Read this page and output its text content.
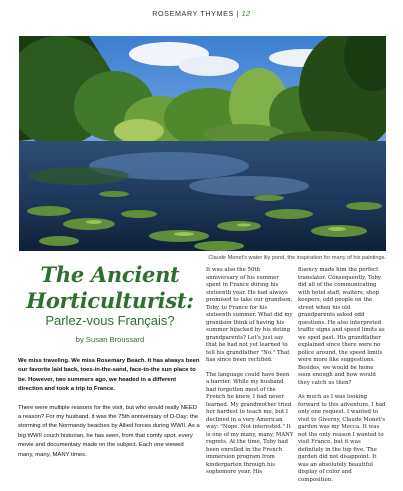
ROSEMARY THYMES | 12
Claude Monet's water lily pond, the inspiration for many of his paintings.
The Ancient
Horticulturist:
Parlez-vous Français?
by Susan Broussard

We miss traveling. We miss Rosemary Beach. It has always been our favorite laid back, toes-in-the-sand, face-to-the sun place to be. However, two summers ago, we headed in a different direction and took a trip to France.

There were multiple reasons for the visit, but who would really NEED a reason? For my husband, it was the 75th anniversary of D-Day; the storming of the Normandy beaches by Allied forces during WWII. As a big WWII couch historian, he has seen, from that comfy spot, every movie and documentary made on the subject. Each one viewed many, many, MANY times.

It was also the 50th anniversary of his summer spent in France during his sixteenth year. He had always promised to take our grandson, Toby, to France for his sixteenth summer. What did my grandson think of having his summer hijacked by his doting grandparents? Let's just say that he had not yet learned to tell his grandfather "No." That has since been rectified.

The language could have been a barrier. While my husband had forgotten most of the French he knew, I had never learned. My grandmother tried her hardest to teach me, but I declined in a very American way: "Nope. Not interested." It is one of my many, many, MANY regrets. At the time, Toby had been enrolled in the French immersion program from kindergarten through his sophomore year. His

fluency made him the perfect translator. Consequently, Toby did all of the communicating with hotel staff, waiters, shop keepers, odd people on the street when his old grandparents asked odd questions. He also interpreted traffic signs and speed limits as we sped past. His grandfather explained since there were no police around, the speed limits were more like suggestions. Besides, we would be home soon enough and how would they catch us then?

As much as I was looking forward to this adventure, I had only one request. I wanted to visit to Giverny, Claude Monet's garden was my Mecca. It was not the only reason I wanted to visit France, but it was definitely in the top five. The garden did not disappoint. It was an absolutely beautiful display of color and composition.
